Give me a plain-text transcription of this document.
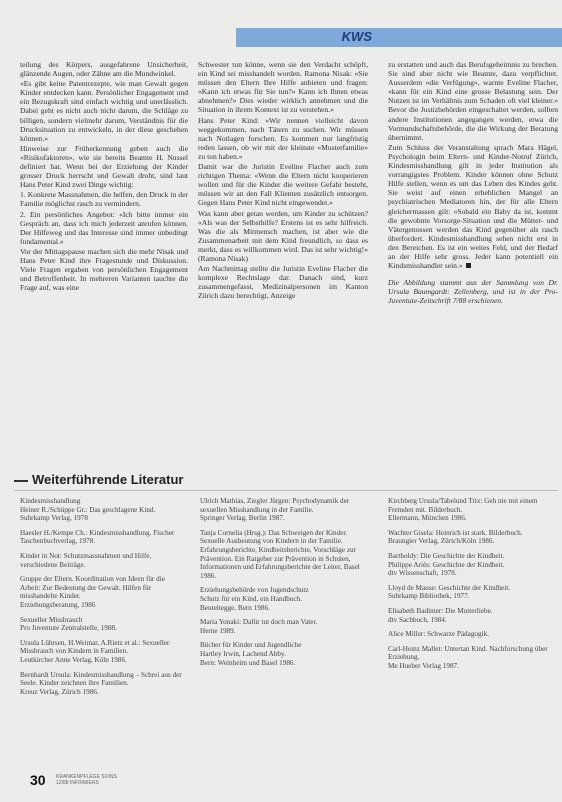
KWS

teilung des Körpers, ausgefahrene Unsicherheit, glänzende Augen, oder Zähne am die Mundwinkel.

«Es gibt keine Patentrezepte, wie man Gewalt gegen Kinder entdecken kann. Persönlicher Engagement und ein Bezugskraft sind einfach wichtig und unerlässlich. Dabei geht es nicht auch nicht darum, die Schläge zu billigen, sondern vielmehr darum, Verständnis für die Drucksituation zu entwickeln, in der diese geschehen können.»

Hinweise zur Früherkennung geben auch die «Risikofaktoren», wie sie bereits Beamte H. Nussel definiert hat. Wenn bei der Erziehung der Kinder grosser Druck herrscht und Gewalt droht, sind laut Hans Peter Kind zwei Dinge wichtig:

1. Konkrete Massnahmen, die helfen, den Druck in der Familie möglichst rasch zu vermindern.

2. Ein persönliches Angebot: «Ich bitte immer ein Gespräch an, dass ich mich jederzeit anrufen können. Der Hilfeweg und das Interesse sind immer unbedingt fundamental.»

Vor der Mittagspause machen sich die mehr Nisak und Hans Peter Kind ihre Fragestunde und Diskussion. Viele Fragen ergaben von persönlichen Engagement und Betroffenheit. In mehreren Varianten tauchte die Frage auf, was eine

Schwester tun könne, wenn sie den Verdacht schöpft, ein Kind sei misshandelt worden. Ramona Nisak: «Sie müssen den Eltern Ihre Hilfe anbieten und fragen: «Kann ich etwas für Sie tun?» Kann ich Ihnen etwas abnehmen?» Dies wieder wirklich annehmen und die Situation in ihrem Kontext ist zu verstehen.»

Hans Peter Kind: «Wir nennen vielleicht davon weggekommen, nach Tätern zu suchen. Wir müssen nach Notlagen forschen. Es kommen nur langfristig reden lassen, ob wir mit der kleinste «Musterfamilie» zu tun haben.»

Damit war die Juristin Eveline Flacher auch zum richtigen Thema: «Wenn die Eltern nicht kooperieren wollen und für die Kinder die weitere Gefahr besteht, müssen wir an den Fall Klienten zusätzlich entsorgen. Gegen Hans Peter Kind nicht eingewendet.»

Was kann aber getan werden, um Kinder zu schützen? «Als was der Selbsthilfe? Erstens ist es sehr hilfreich. Was die als Mitmensch machen, ist aber wie die Zusammenarbeit mit dem Kind freundlich, so dass es merkt, dass es willkommen wird. Das ist sehr wichtig!» (Ramona Nisak)

Am Nachmittag stellte die Juristin Eveline Flacher die komplexe Rechtslage dar. Danach sind, kurz zusammengefasst, Medizinalpersonen im Kanton Zürich dazu berechtigt, Anzeige

zu erstatten und auch das Berufsgeheimnis zu brechen. Sie sind aber nicht wie Beamte, dazu verpflichtet. Ausserdem «die Verfügung», warnte Eveline Flacher, «kann für ein Kind eine grosse Belastung sein. Der Nutzen ist im Verhältnis zum Schaden oft viel kleiner.» Bevor die Justizbehörden eingeschaltet werden, sollten andere Institutionen angegangen werden, etwa die Vormundschaftsbehörde, die die Wirkung der Beratung übernimmt.

Zum Schluss der Veranstaltung sprach Mara Hägel, Psychologin beim Eltern- und Kinder-Notruf Zürich, Kindesmisshandlung gilt in jeder Institution als vorrangigstes Problem. Kinder können ohne Schutz Hilfe stellen, wenn es um das Leben des Kindes geht. Sie weist auf einen erheblichen Mangel an psychiatrischen Mediatoren hin, der für alle Eltern gleichermassen gilt: «Sobald ein Baby da ist, kommt die gewohnte Vorsorge-Situation und die Mütter- und Vätergenossen werden das Kind gegenüber als rasch überfordert. Kindesmisshandlung sehen nicht erst in den Bereichen. Es ist ein weites Feld, und der Bedarf an der Hilfe sehr gross. Jeder kann potentiell ein Kindsmisshandler sein.»

Die Abbildung stammt aus der Sammlung von Dr. Ursula Baumgardt: Zellenberg, und ist in der Pro-Juventute-Zeitschrift 7/88 erschienen.

Weiterführende Literatur

Kindesmisshandlung
Heiner R./Schüppe Gr.: Das geschlagene Kind.
Suhrkamp Verlag, 1978

Haesler H./Kempe Ch.: Kindesmisshandlung. Fischer Taschenbuchverlag, 1978.

Kinder in Not: Schutzmassnahmen und Hilfe, verschiedene Beiträge.

Gruppe der Eltern. Koordination von Ideen für die Arbeit: Zur Bedeutung der Gewalt. Hilfen für misshandelte Kinder.
Erziehungsberatung, 1986

Sexueller Missbrauch
Pro Juventute Zentralstelle, 1988.

Ursula Lührsen, H.Weimar, A.Rietz et al.: Sexueller Missbrauch von Kindern in Familien.
Leutkircher Anne Verlag, Köln 1986.

Bernhardt Ursula: Kindesmisshandlung – Schrei aus der Seele. Kinder zeichnen ihre Familien.
Kreuz Verlag, Zürich 1986.

Ulrich Mathias, Ziegler Jürgen: Psychodynamik der sexuellen Misshandlung in der Familie.
Springer Verlag, Berlin 1987.

Tanja Cornelia (Hrsg.): Das Schweigen der Kinder. Sexuelle Ausbeutung von Kindern in der Familie. Erfahrungsberichte, Kindheitsberichte, Vorschläge zur Prävention. Ein Ratgeber zur Prävention in Schulen, Informationen und Erfahrungsberichte der Leiter, Basel 1986.

Erziehungsbehörde von Jugendschutz
Schutz für ein Kind, ein Handbuch.
Beuteltegge, Bern 1986.

Maria Yonaki: Dafür tut doch man Vater.
Herne 1989.

Bücher für Kinder und Jugendliche
Hartley Irwin, Lachend Abby.
Bern: Weinheim und Basel 1986.

Kirchberg Ursula/Tabelund Trix: Geh nie mit einem Fremden mit. Bilderbuch.
Ellermann, München 1986.

Wachter Gisela: Heinrich ist stark. Bilderbuch.
Braungier Verlag, Zürich/Köln 1986.

Bartholdy: Die Geschichte der Kindheit.
Philippe Ariès: Geschichte der Kindheit.
dtv Wissenschaft, 1978.

Lloyd de Mause: Geschichte der Kindheit.
Suhrkamp Bibliothek, 1977.

Elisabeth Badinter: Die Mutterliebe.
dtv Sachbuch, 1984.

Alice Miller: Schwarze Pädagogik.

Carl-Heinz Mallet: Untertan Kind. Nachforschung über Erziehung.
Me Hueber Verlag 1987.

30 KRANKENPFLEGE SOINS
12/88 INFIRMIERS
